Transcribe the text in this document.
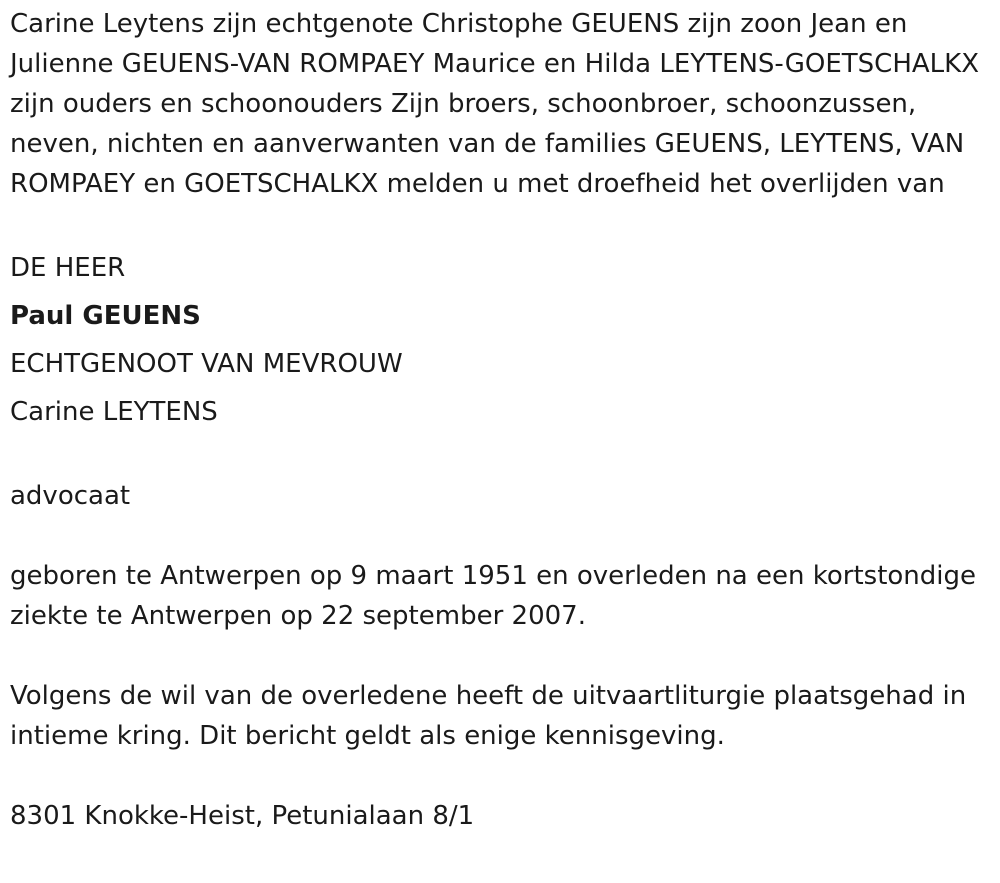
Carine Leytens zijn echtgenote Christophe GEUENS zijn zoon Jean en Julienne GEUENS-VAN ROMPAEY Maurice en Hilda LEYTENS-GOETSCHALKX zijn ouders en schoonouders Zijn broers, schoonbroer, schoonzussen, neven, nichten en aanverwanten van de families GEUENS, LEYTENS, VAN ROMPAEY en GOETSCHALKX melden u met droefheid het overlijden van

DE HEER

Paul GEUENS

ECHTGENOOT VAN MEVROUW

Carine LEYTENS

advocaat

geboren te Antwerpen op 9 maart 1951 en overleden na een kortstondige ziekte te Antwerpen op 22 september 2007.

Volgens de wil van de overledene heeft de uitvaartliturgie plaatsgehad in intieme kring. Dit bericht geldt als enige kennisgeving.

8301 Knokke-Heist, Petunialaan 8/1
